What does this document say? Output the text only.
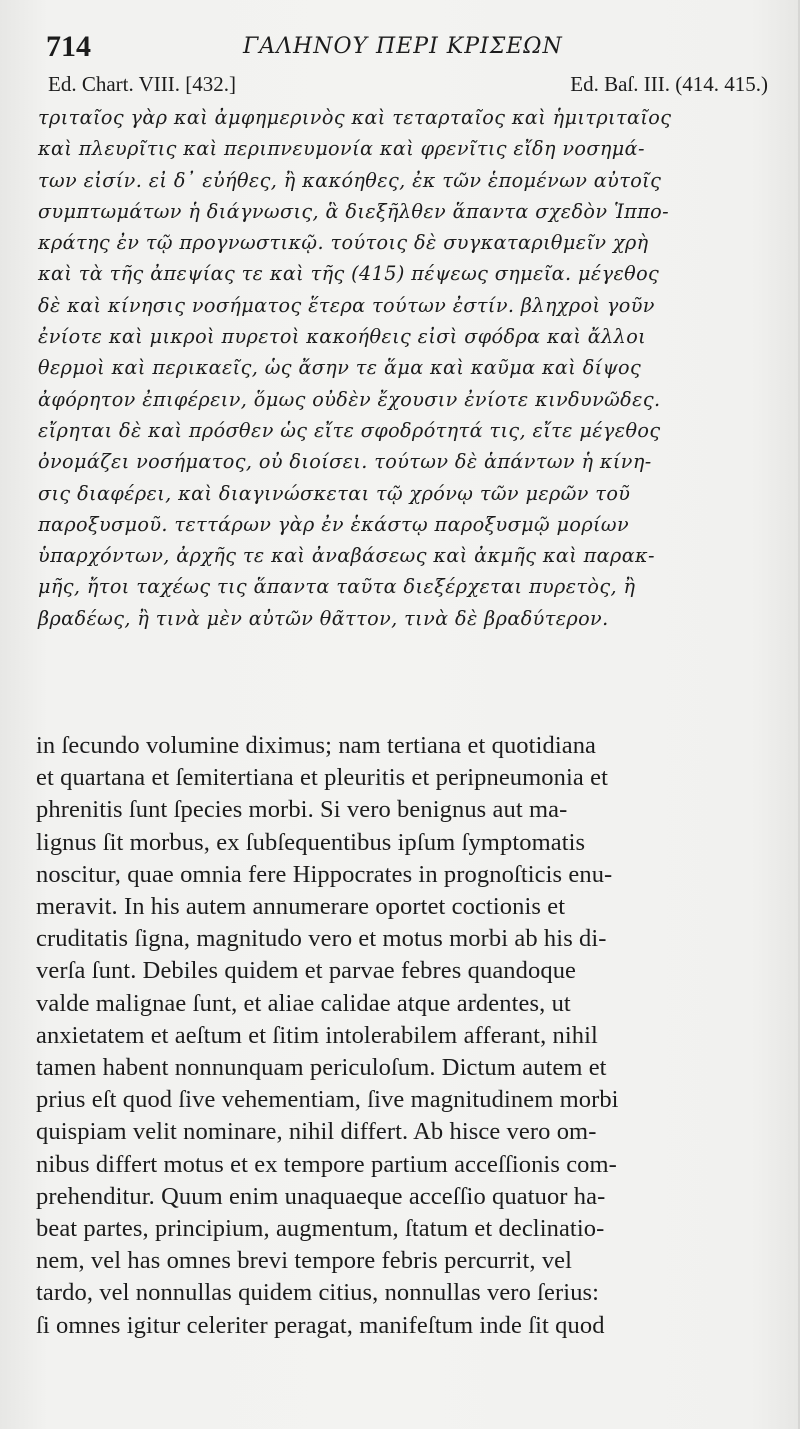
714	ΓΑΛΗΝΟΥ ΠΕΡΙ ΚΡΙΣΕΩΝ
Ed. Chart. VIII. [432.]	Ed. Baſ. III. (414. 415.)
τριταῖος γὰρ καὶ ἀμφημερινὸς καὶ τεταρταῖος καὶ ἡμιτριταῖος
καὶ πλευρῖτις καὶ περιπνευμονία καὶ φρενῖτις εἴδη νοσημά-
των εἰσίν. εἰ δ᾽ εὐήθες, ἢ κακόηθες, ἐκ τῶν ἑπομένων αὐτοῖς
συμπτωμάτων ἡ διάγνωσις, ἃ διεξῆλθεν ἅπαντα σχεδὸν Ἱππο-
κράτης ἐν τῷ προγνωστικῷ. τούτοις δὲ συγκαταριθμεῖν χρὴ
καὶ τὰ τῆς ἀπεψίας τε καὶ τῆς (415) πέψεως σημεῖα. μέγεθος
δὲ καὶ κίνησις νοσήματος ἕτερα τούτων ἐστίν. βληχροὶ γοῦν
ἐνίοτε καὶ μικροὶ πυρετοὶ κακοήθεις εἰσὶ σφόδρα καὶ ἄλλοι
θερμοὶ καὶ περικαεῖς, ὡς ἄσην τε ἅμα καὶ καῦμα καὶ δίψος
ἀφόρητον ἐπιφέρειν, ὅμως οὐδὲν ἔχουσιν ἐνίοτε κινδυνῶδες.
εἴρηται δὲ καὶ πρόσθεν ὡς εἴτε σφοδρότητά τις, εἴτε μέγεθος
ὀνομάζει νοσήματος, οὐ διοίσει. τούτων δὲ ἁπάντων ἡ κίνη-
σις διαφέρει, καὶ διαγινώσκεται τῷ χρόνῳ τῶν μερῶν τοῦ
παροξυσμοῦ. τεττάρων γὰρ ἐν ἑκάστῳ παροξυσμῷ μορίων
ὑπαρχόντων, ἀρχῆς τε καὶ ἀναβάσεως καὶ ἀκμῆς καὶ παρακ-
μῆς, ἤτοι ταχέως τις ἅπαντα ταῦτα διεξέρχεται πυρετὸς, ἢ
βραδέως, ἢ τινὰ μὲν αὐτῶν θᾶττον, τινὰ δὲ βραδύτερον.
in ſecundo volumine diximus; nam tertiana et quotidiana
et quartana et ſemitertiana et pleuritis et peripneumonia et
phrenitis ſunt ſpecies morbi. Si vero benignus aut ma-
lignus ſit morbus, ex ſubſequentibus ipſum ſymptomatis
noscitur, quae omnia fere Hippocrates in prognoſticis enu-
meravit. In his autem annumerare oportet coctionis et
cruditatis ſigna, magnitudo vero et motus morbi ab his di-
verſa ſunt. Debiles quidem et parvae febres quandoque
valde malignae ſunt, et aliae calidae atque ardentes, ut
anxietatem et aeſtum et ſitim intolerabilem afferant, nihil
tamen habent nonnunquam periculoſum. Dictum autem et
prius eſt quod ſive vehementiam, ſive magnitudinem morbi
quispiam velit nominare, nihil differt. Ab hisce vero om-
nibus differt motus et ex tempore partium acceſſionis com-
prehenditur. Quum enim unaquaeque acceſſio quatuor ha-
beat partes, principium, augmentum, ſtatum et declinatio-
nem, vel has omnes brevi tempore febris percurrit, vel
tardo, vel nonnullas quidem citius, nonnullas vero ſerius:
ſi omnes igitur celeriter peragat, manifeſtum inde ſit quod
